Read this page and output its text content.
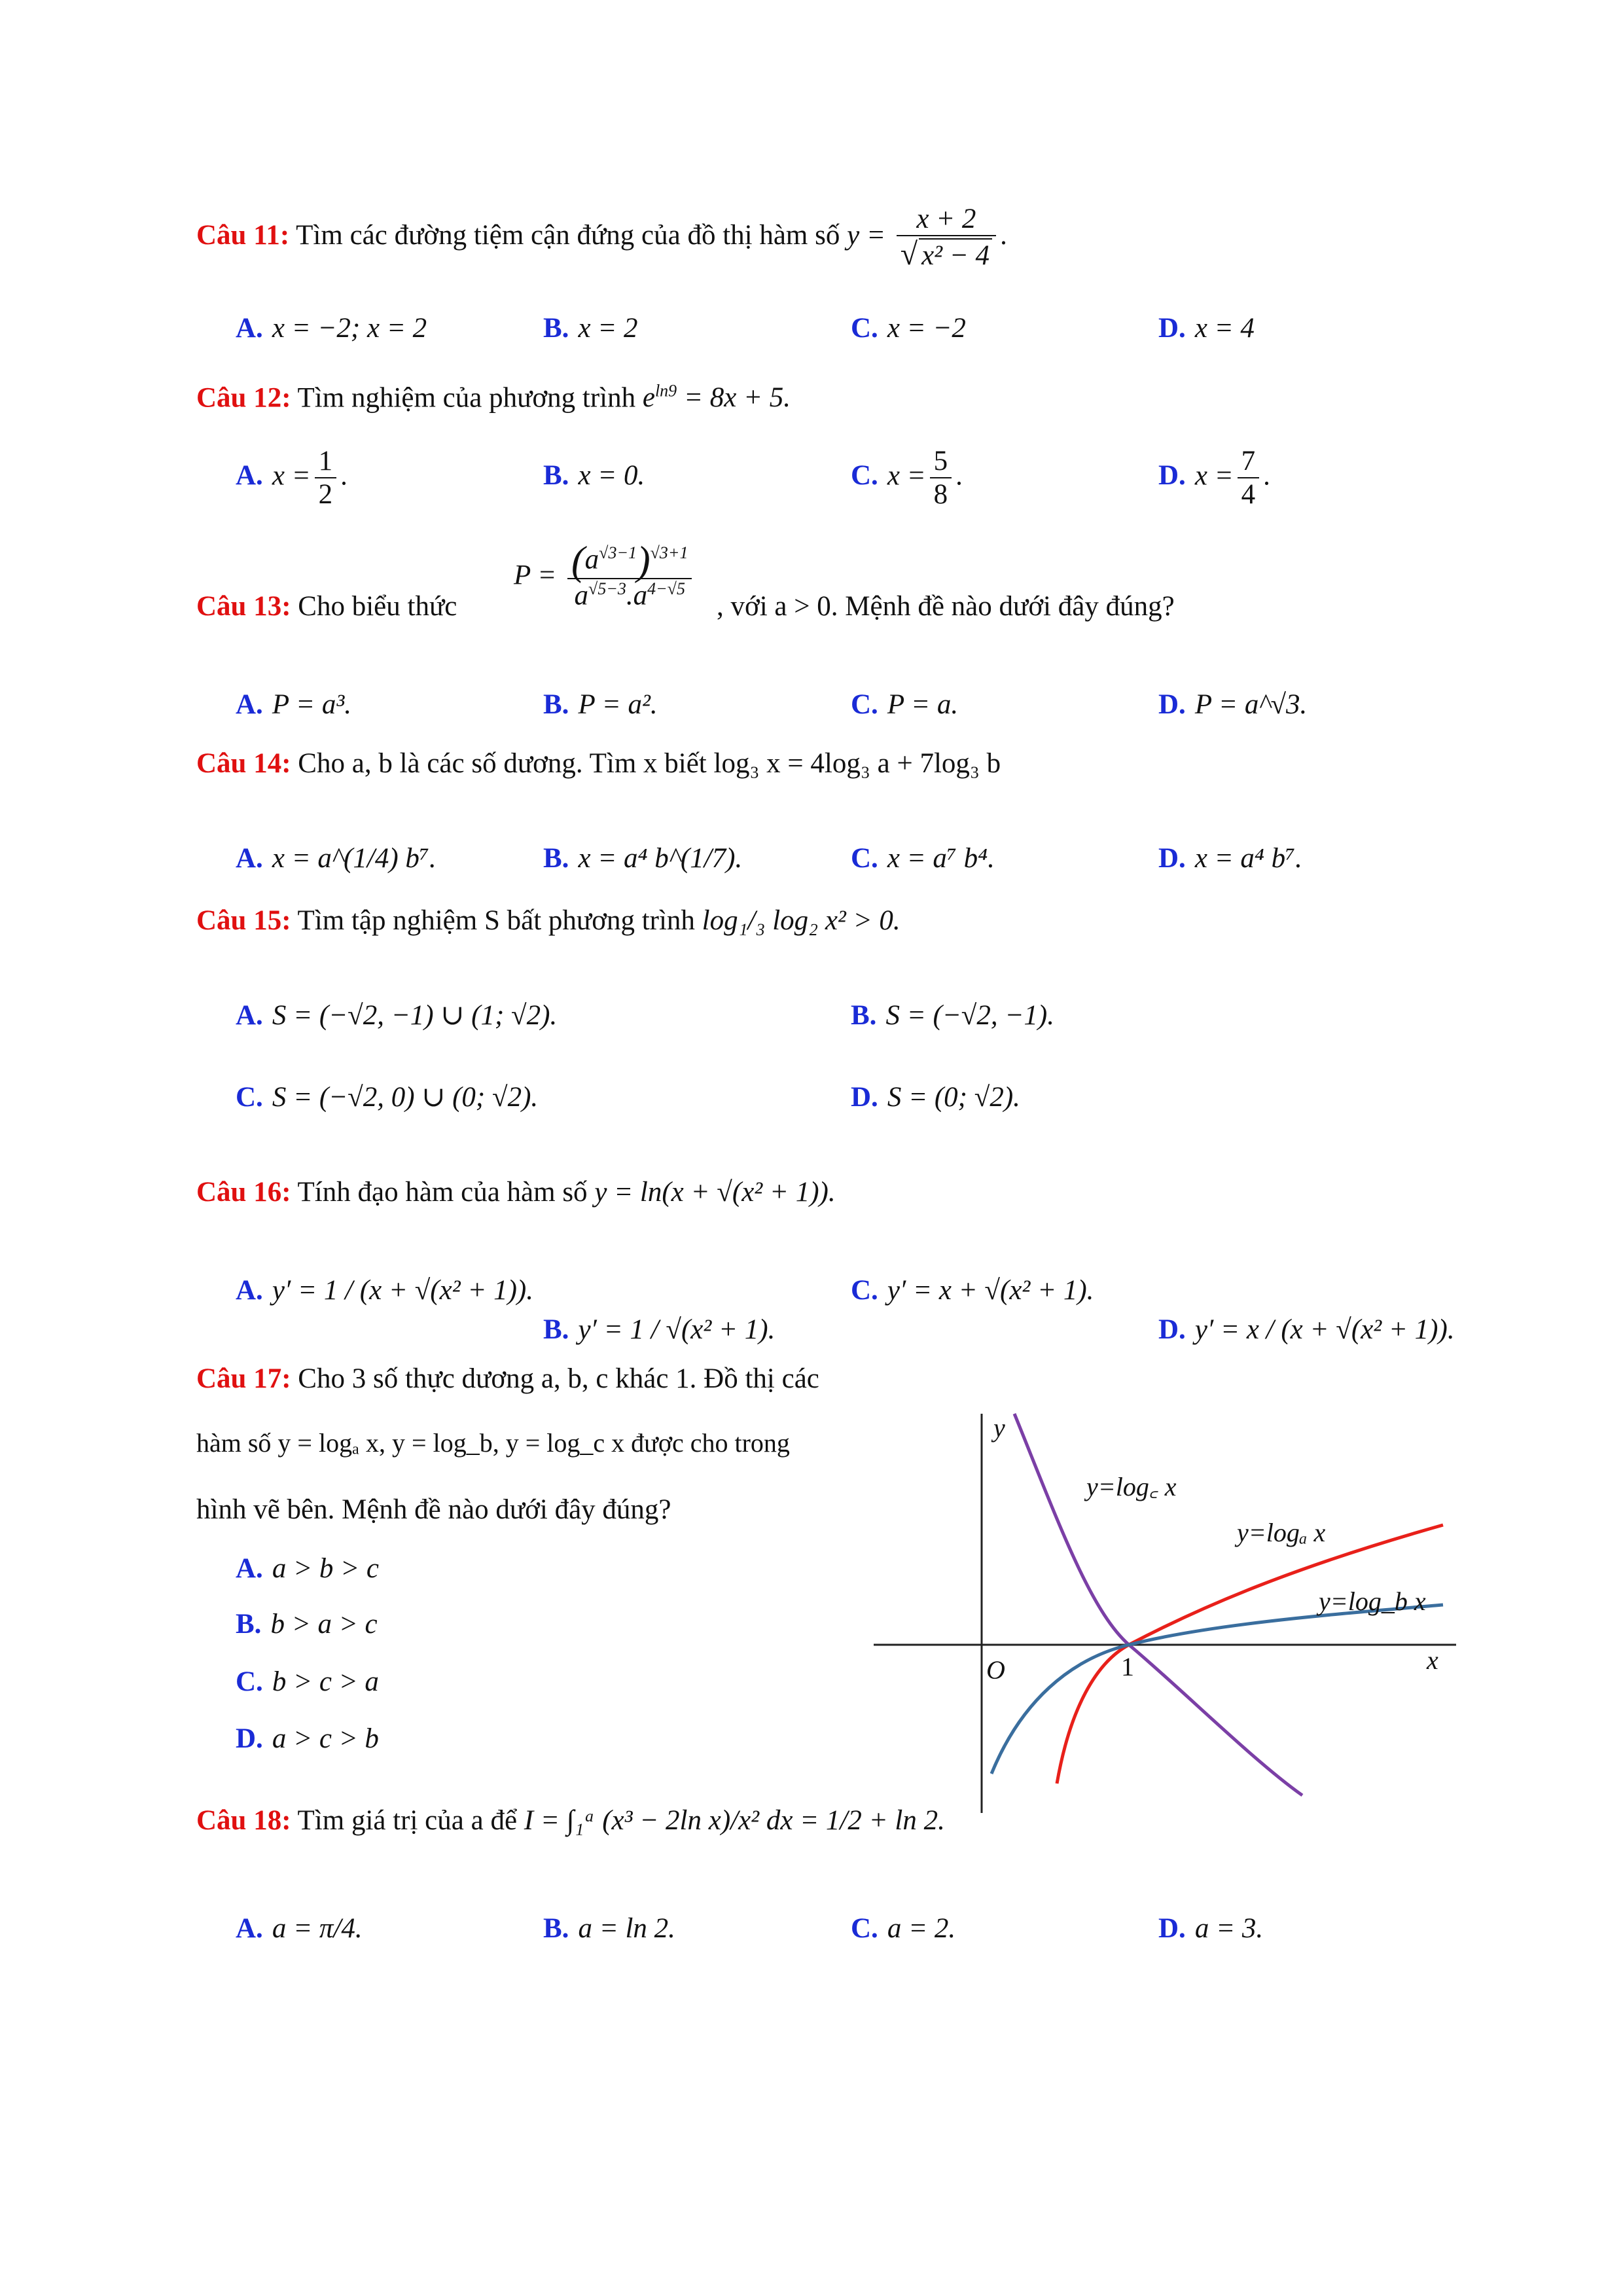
Câu 11: Tìm các đường tiệm cận đứng của đồ thị hàm số $y = \frac{x + 2}{\text{√ x² − 4}}$ .
A. x = −2; x = 2	B. x = 2	C. x = −2	D. x = 4
Câu 12: Tìm nghiệm của phương trình $e^{ln9} = 8x + 5$.
A. $x = \frac{1}{2}$ .	B. x = 0.	C. $x = \frac{5}{8}$ .	D. $x = \frac{7}{4}$ .
Câu 13: Cho biểu thức
$P = \frac{(a^{√3-1})^{√3+1}}{a^{√5-3}.a^{4-√5}}$ , với a > 0. Mệnh đề nào dưới đây đúng?
A. P = a³.	B. P = a².	C. P = a.	D. P = a^√3.
Câu 14: Cho a, b là các số dương. Tìm x biết log₃ x = 4log₃ a + 7log₃ b
A. x = a^(1/4) b⁷.	B. x = a⁴ b^(1/7).	C. x = a⁷ b⁴.	D. x = a⁴ b⁷.
Câu 15: Tìm tập nghiệm S bất phương trình log₁/₃ log₂ x² > 0.
A. S = (−√2, −1) ∪ (1; √2).	B. S = (−√2, −1).
C. S = (−√2, 0) ∪ (0; √2).	D. S = (0; √2).
Câu 16: Tính đạo hàm của hàm số y = ln(x + √(x² + 1)).
A. y′ = 1 / (x + √(x² + 1)).
B. y′ = 1 / √(x² + 1).
C. y′ = x + √(x² + 1).
D. y′ = x / (x + √(x² + 1)).
Câu 17: Cho 3 số thực dương a, b, c khác 1. Đồ thị các
hàm số y = logₐ x, y = log_b, y = log_c x được cho trong
hình vẽ bên. Mệnh đề nào dưới đây đúng?
A. a > b > c
B. b > a > c
C. b > c > a
D. a > c > b
y
x
O	1
y=log꜀ x
y=logₐ x
y=log_b x
Câu 18: Tìm giá trị của a để I = ∫₁ᵃ (x³ − 2ln x)/x² dx = 1/2 + ln 2.
A. a = π/4.	B. a = ln 2.	C. a = 2.	D. a = 3.
